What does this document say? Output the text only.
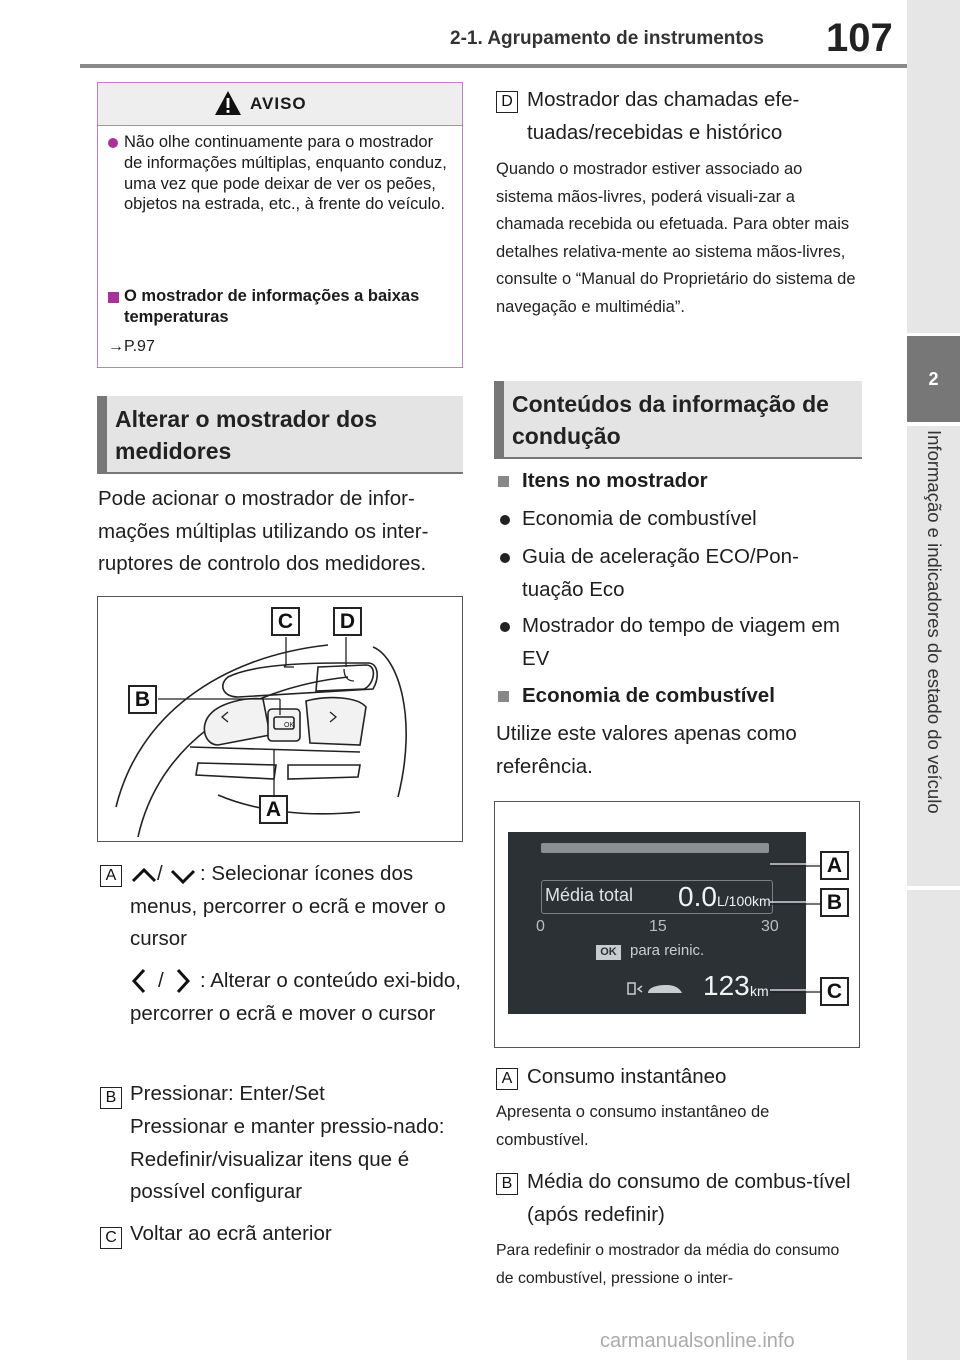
2-1. Agrupamento de instrumentos 107
2
Informação e indicadores do estado do veículo
AVISO
Não olhe continuamente para o mostrador de informações múltiplas, enquanto conduz, uma vez que pode deixar de ver os peões, objetos na estrada, etc., à frente do veículo.
O mostrador de informações a baixas temperaturas
→P.97
Alterar o mostrador dos medidores
Pode acionar o mostrador de infor-mações múltiplas utilizando os inter-ruptores de controlo dos medidores.
OK
C	D
B
A
A /	: Selecionar ícones dos menus, percorrer o ecrã e mover o cursor
/	: Alterar o conteúdo exi-bido, percorrer o ecrã e mover o cursor
B Pressionar: Enter/Set
Pressionar e manter pressio-nado: Redefinir/visualizar itens que é possível configurar
C Voltar ao ecrã anterior
D Mostrador das chamadas efe-tuadas/recebidas e histórico
Quando o mostrador estiver associado ao sistema mãos-livres, poderá visuali-zar a chamada recebida ou efetuada. Para obter mais detalhes relativa-mente ao sistema mãos-livres, consulte o “Manual do Proprietário do sistema de navegação e multimédia”.
Conteúdos da informação de condução
Itens no mostrador
Economia de combustível
Guia de aceleração ECO/Pon-tuação Eco
Mostrador do tempo de viagem em EV
Economia de combustível
Utilize este valores apenas como referência.
Média total 0.0 L/100km
0	15	30
OK para reinic.
123 km
A
B
C
A Consumo instantâneo
Apresenta o consumo instantâneo de combustível.
B Média do consumo de combus-tível (após redefinir)
Para redefinir o mostrador da média do consumo de combustível, pressione o inter-
carmanualsonline.info
